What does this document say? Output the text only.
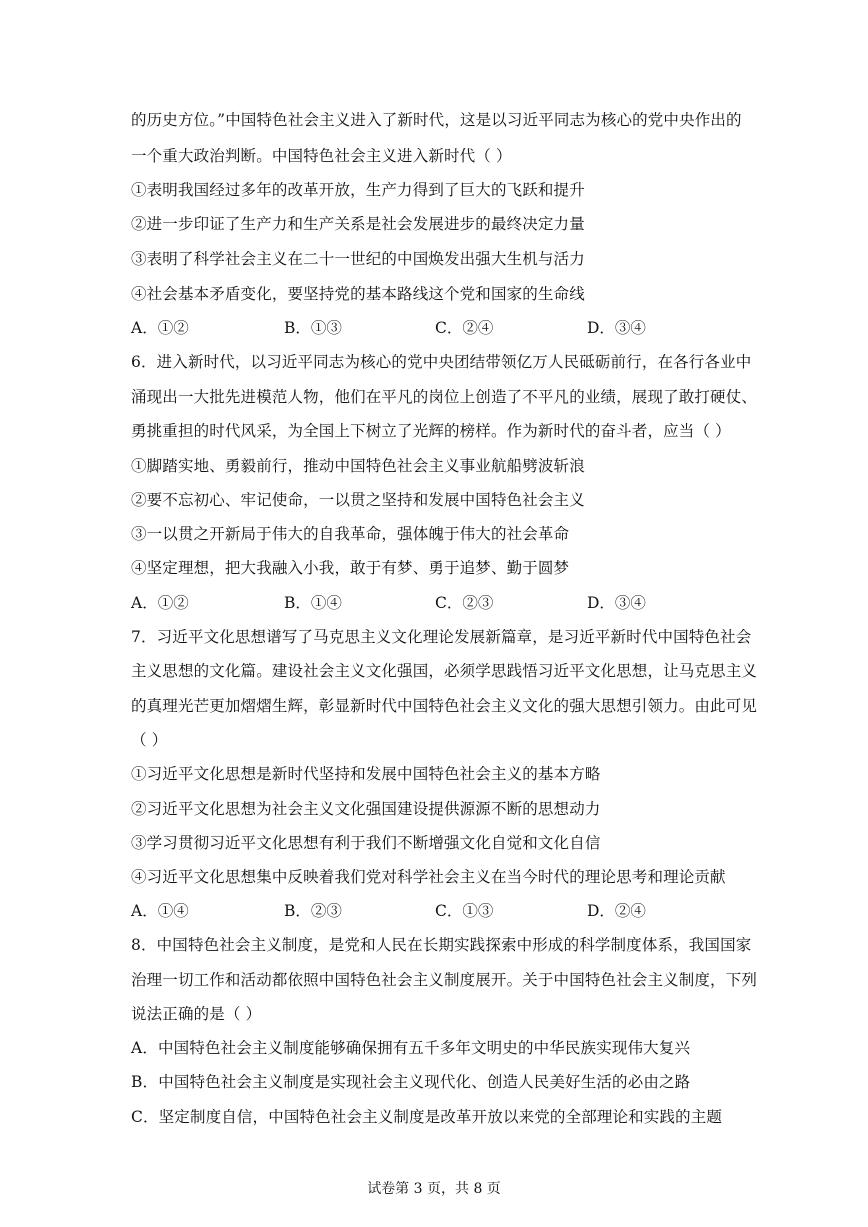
的历史方位。”中国特色社会主义进入了新时代，这是以习近平同志为核心的党中央作出的
一个重大政治判断。中国特色社会主义进入新时代（ ）
①表明我国经过多年的改革开放，生产力得到了巨大的飞跃和提升
②进一步印证了生产力和生产关系是社会发展进步的最终决定力量
③表明了科学社会主义在二十一世纪的中国焕发出强大生机与活力
④社会基本矛盾变化，要坚持党的基本路线这个党和国家的生命线
A．①②	B．①③	C．②④	D．③④
6．进入新时代，以习近平同志为核心的党中央团结带领亿万人民砥砺前行，在各行各业中
涌现出一大批先进模范人物，他们在平凡的岗位上创造了不平凡的业绩，展现了敢打硬仗、
勇挑重担的时代风采，为全国上下树立了光辉的榜样。作为新时代的奋斗者，应当（ ）
①脚踏实地、勇毅前行，推动中国特色社会主义事业航船劈波斩浪
②要不忘初心、牢记使命，一以贯之坚持和发展中国特色社会主义
③一以贯之开新局于伟大的自我革命，强体魄于伟大的社会革命
④坚定理想，把大我融入小我，敢于有梦、勇于追梦、勤于圆梦
A．①②	B．①④	C．②③	D．③④
7．习近平文化思想谱写了马克思主义文化理论发展新篇章，是习近平新时代中国特色社会
主义思想的文化篇。建设社会主义文化强国，必须学思践悟习近平文化思想，让马克思主义
的真理光芒更加熠熠生辉，彰显新时代中国特色社会主义文化的强大思想引领力。由此可见
（ ）
①习近平文化思想是新时代坚持和发展中国特色社会主义的基本方略
②习近平文化思想为社会主义文化强国建设提供源源不断的思想动力
③学习贯彻习近平文化思想有利于我们不断增强文化自觉和文化自信
④习近平文化思想集中反映着我们党对科学社会主义在当今时代的理论思考和理论贡献
A．①④	B．②③	C．①③	D．②④
8．中国特色社会主义制度，是党和人民在长期实践探索中形成的科学制度体系，我国国家
治理一切工作和活动都依照中国特色社会主义制度展开。关于中国特色社会主义制度，下列
说法正确的是（ ）
A．中国特色社会主义制度能够确保拥有五千多年文明史的中华民族实现伟大复兴
B．中国特色社会主义制度是实现社会主义现代化、创造人民美好生活的必由之路
C．坚定制度自信，中国特色社会主义制度是改革开放以来党的全部理论和实践的主题
试卷第 3 页，共 8 页
